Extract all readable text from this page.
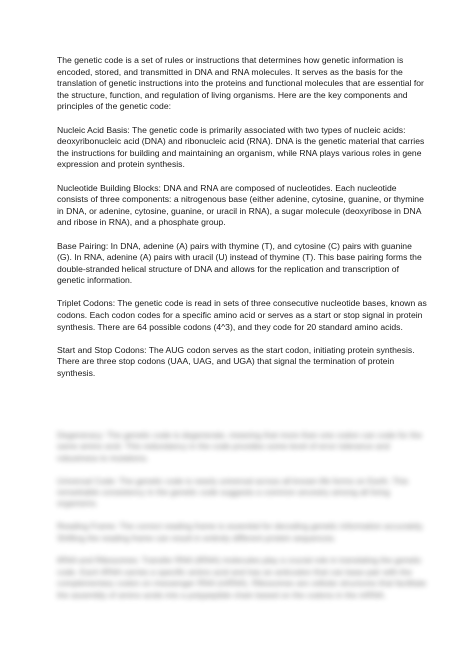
The genetic code is a set of rules or instructions that determines how genetic information is encoded, stored, and transmitted in DNA and RNA molecules. It serves as the basis for the translation of genetic instructions into the proteins and functional molecules that are essential for the structure, function, and regulation of living organisms. Here are the key components and principles of the genetic code:

Nucleic Acid Basis: The genetic code is primarily associated with two types of nucleic acids: deoxyribonucleic acid (DNA) and ribonucleic acid (RNA). DNA is the genetic material that carries the instructions for building and maintaining an organism, while RNA plays various roles in gene expression and protein synthesis.

Nucleotide Building Blocks: DNA and RNA are composed of nucleotides. Each nucleotide consists of three components: a nitrogenous base (either adenine, cytosine, guanine, or thymine in DNA, or adenine, cytosine, guanine, or uracil in RNA), a sugar molecule (deoxyribose in DNA and ribose in RNA), and a phosphate group.

Base Pairing: In DNA, adenine (A) pairs with thymine (T), and cytosine (C) pairs with guanine (G). In RNA, adenine (A) pairs with uracil (U) instead of thymine (T). This base pairing forms the double-stranded helical structure of DNA and allows for the replication and transcription of genetic information.

Triplet Codons: The genetic code is read in sets of three consecutive nucleotide bases, known as codons. Each codon codes for a specific amino acid or serves as a start or stop signal in protein synthesis. There are 64 possible codons (4^3), and they code for 20 standard amino acids.

Start and Stop Codons: The AUG codon serves as the start codon, initiating protein synthesis. There are three stop codons (UAA, UAG, and UGA) that signal the termination of protein synthesis.

Degeneracy: The genetic code is degenerate, meaning that more than one codon can code for the same amino acid. This redundancy in the code provides some level of error tolerance and robustness to mutations.

Universal Code: The genetic code is nearly universal across all known life forms on Earth. This remarkable consistency in the genetic code suggests a common ancestry among all living organisms.

Reading Frame: The correct reading frame is essential for decoding genetic information accurately. Shifting the reading frame can result in entirely different protein sequences.

tRNA and Ribosomes: Transfer RNA (tRNA) molecules play a crucial role in translating the genetic code. Each tRNA carries a specific amino acid and has an anticodon that can base pair with the complementary codon on messenger RNA (mRNA). Ribosomes are cellular structures that facilitate the assembly of amino acids into a polypeptide chain based on the codons in the mRNA.
